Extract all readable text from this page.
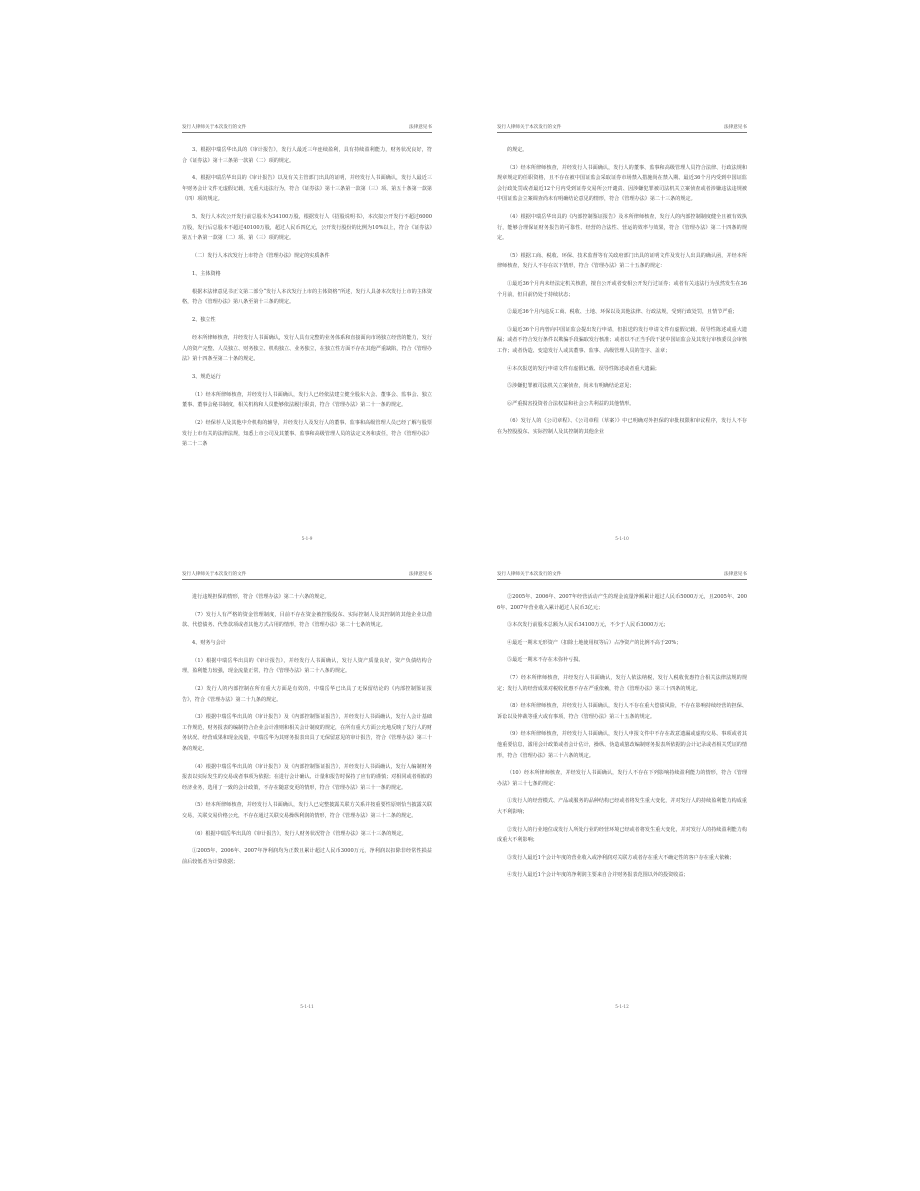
发行人律师关于本次发行的文件	法律意见书

3、根据中瑞岳华出具的《审计报告》，发行人最近三年连续盈利，具有持续盈利能力，财务状况良好，符合《证券法》第十三条第一款第（二）项的规定。

4、根据中瑞岳华出具的《审计报告》以及有关主管部门出具的证明，并经发行人书面确认，发行人最近三年财务会计文件无虚假记载，无重大违法行为，符合《证券法》第十三条第一款第（三）项、第五十条第一款第（四）项的规定。

5、发行人本次公开发行前总股本为34100万股，根据发行人《招股说明书》，本次拟公开发行不超过6000万股，发行后总股本不超过40100万股，超过人民币四亿元，公开发行股份的比例为10%以上，符合《证券法》第五十条第一款第（二）项、第（三）项的规定。

（二）发行人本次发行上市符合《管理办法》规定的实质条件

1、主体资格

根据本法律意见书正文第二部分“发行人本次发行上市的主体资格”所述，发行人具备本次发行上市的主体资格，符合《管理办法》第八条至第十三条的规定。

2、独立性

经本所律师核查，并经发行人书面确认，发行人具有完整的业务体系和直接面向市场独立经营的能力，发行人的资产完整、人员独立、财务独立、机构独立、业务独立，在独立性方面不存在其他严重缺陷，符合《管理办法》第十四条至第二十条的规定。

3、规范运行

（1）经本所律师核查，并经发行人书面确认，发行人已经依法建立健全股东大会、董事会、监事会、独立董事、董事会秘书制度，相关机构和人员能够依法履行职责，符合《管理办法》第二十一条的规定。

（2）经保荐人及其他中介机构的辅导，并经发行人及发行人的董事、监事和高级管理人员已经了解与股票发行上市有关的法律法规，知悉上市公司及其董事、监事和高级管理人员的法定义务和责任，符合《管理办法》第二十二条

5-1-9
发行人律师关于本次发行的文件	法律意见书

的规定。

（3）经本所律师核查，并经发行人书面确认，发行人的董事、监事和高级管理人员符合法律、行政法规和规章规定的任职资格，且不存在被中国证监会采取证券市场禁入措施尚在禁入期、最近36个月内受到中国证监会行政处罚或者最近12个月内受到证券交易所公开谴责、因涉嫌犯罪被司法机关立案侦查或者涉嫌违法违规被中国证监会立案调查尚未有明确结论意见的情形，符合《管理办法》第二十三条的规定。

（4）根据中瑞岳华出具的《内部控制鉴证报告》及本所律师核查，发行人的内部控制制度健全且被有效执行，能够合理保证财务报告的可靠性、经营的合法性、营运的效率与效果，符合《管理办法》第二十四条的规定。

（5）根据工商、税收、环保、技术监督等有关政府部门出具的证明文件及发行人出具的确认函，并经本所律师核查，发行人不存在以下情形，符合《管理办法》第二十五条的规定：

①最近36个月内未经法定机关核准，擅自公开或者变相公开发行过证券；或者有关违法行为虽然发生在36个月前，但目前仍处于持续状态；

②最近36个月内违反工商、税收、土地、环保以及其他法律、行政法规，受到行政处罚，且情节严重；

③最近36个月内曾向中国证监会提出发行申请，但报送的发行申请文件有虚假记载、误导性陈述或重大遗漏；或者不符合发行条件以欺骗手段骗取发行核准；或者以不正当手段干扰中国证监会及其发行审核委员会审核工作；或者伪造、变造发行人或其董事、监事、高级管理人员的签字、盖章；

④本次报送的发行申请文件有虚假记载、误导性陈述或者重大遗漏；

⑤涉嫌犯罪被司法机关立案侦查，尚未有明确结论意见；

⑥严重损害投资者合法权益和社会公共利益的其他情形。

（6）发行人的《公司章程》、《公司章程（草案）》中已明确对外担保的审批权限和审议程序，发行人不存在为控股股东、实际控制人及其控制的其他企业

5-1-10
发行人律师关于本次发行的文件	法律意见书

进行违规担保的情形，符合《管理办法》第二十六条的规定。

（7）发行人有严格的资金管理制度，目前不存在资金被控股股东、实际控制人及其控制的其他企业以借款、代偿债务、代垫款项或者其他方式占用的情形，符合《管理办法》第二十七条的规定。

4、财务与会计

（1）根据中瑞岳华出具的《审计报告》，并经发行人书面确认，发行人资产质量良好，资产负债结构合理，盈利能力较强，现金流量正常，符合《管理办法》第二十八条的规定。

（2）发行人的内部控制在所有重大方面是有效的，中瑞岳华已出具了无保留结论的《内部控制鉴证报告》，符合《管理办法》第二十九条的规定。

（3）根据中瑞岳华出具的《审计报告》及《内部控制鉴证报告》，并经发行人书面确认，发行人会计基础工作规范，财务报表的编制符合企业会计准则和相关会计制度的规定，在所有重大方面公允地反映了发行人的财务状况、经营成果和现金流量，中瑞岳华为其财务报表出具了无保留意见的审计报告，符合《管理办法》第三十条的规定。

（4）根据中瑞岳华出具的《审计报告》及《内部控制鉴证报告》，并经发行人书面确认，发行人编制财务报表以实际发生的交易或者事项为依据；在进行会计确认、计量和报告时保持了应有的谨慎；对相同或者相似的经济业务，选用了一致的会计政策，不存在随意变更的情形，符合《管理办法》第三十一条的规定。

（5）经本所律师核查，并经发行人书面确认，发行人已完整披露关联方关系并按重要性原则恰当披露关联交易，关联交易价格公允，不存在通过关联交易操纵利润的情形，符合《管理办法》第三十二条的规定。

（6）根据中瑞岳华出具的《审计报告》，发行人财务状况符合《管理办法》第三十三条的规定。

①2005年、2006年、2007年净利润均为正数且累计超过人民币3000万元，净利润以扣除非经常性损益前后较低者为计算依据；

5-1-11
发行人律师关于本次发行的文件	法律意见书

②2005年、2006年、2007年经营活动产生的现金流量净额累计超过人民币5000万元，且2005年、2006年、2007年营业收入累计超过人民币3亿元；

③本次发行前股本总额为人民币34100万元，不少于人民币3000万元；

④最近一期末无形资产（扣除土地使用权等后）占净资产的比例不高于20%；

⑤最近一期末不存在未弥补亏损。

（7）经本所律师核查，并经发行人书面确认，发行人依法纳税，发行人税收优惠符合相关法律法规的规定；发行人的经营成果对税收优惠不存在严重依赖，符合《管理办法》第三十四条的规定。

（8）经本所律师核查，并经发行人书面确认，发行人不存在重大偿债风险，不存在影响持续经营的担保、诉讼以及仲裁等重大或有事项，符合《管理办法》第三十五条的规定。

（9）经本所律师核查，并经发行人书面确认，发行人申报文件中不存在故意遗漏或虚构交易、事项或者其他重要信息，滥用会计政策或者会计估计，操纵、伪造或篡改编制财务报表所依据的会计记录或者相关凭证的情形，符合《管理办法》第三十六条的规定。

（10）经本所律师核查，并经发行人书面确认，发行人不存在下列影响持续盈利能力的情形，符合《管理办法》第三十七条的规定：

①发行人的经营模式、产品或服务的品种结构已经或者将发生重大变化，并对发行人的持续盈利能力构成重大不利影响；

②发行人的行业地位或发行人所处行业的经营环境已经或者将发生重大变化，并对发行人的持续盈利能力构成重大不利影响；

③发行人最近1个会计年度的营业收入或净利润对关联方或者存在重大不确定性的客户存在重大依赖；

④发行人最近1个会计年度的净利润主要来自合并财务报表范围以外的投资收益；

5-1-12
